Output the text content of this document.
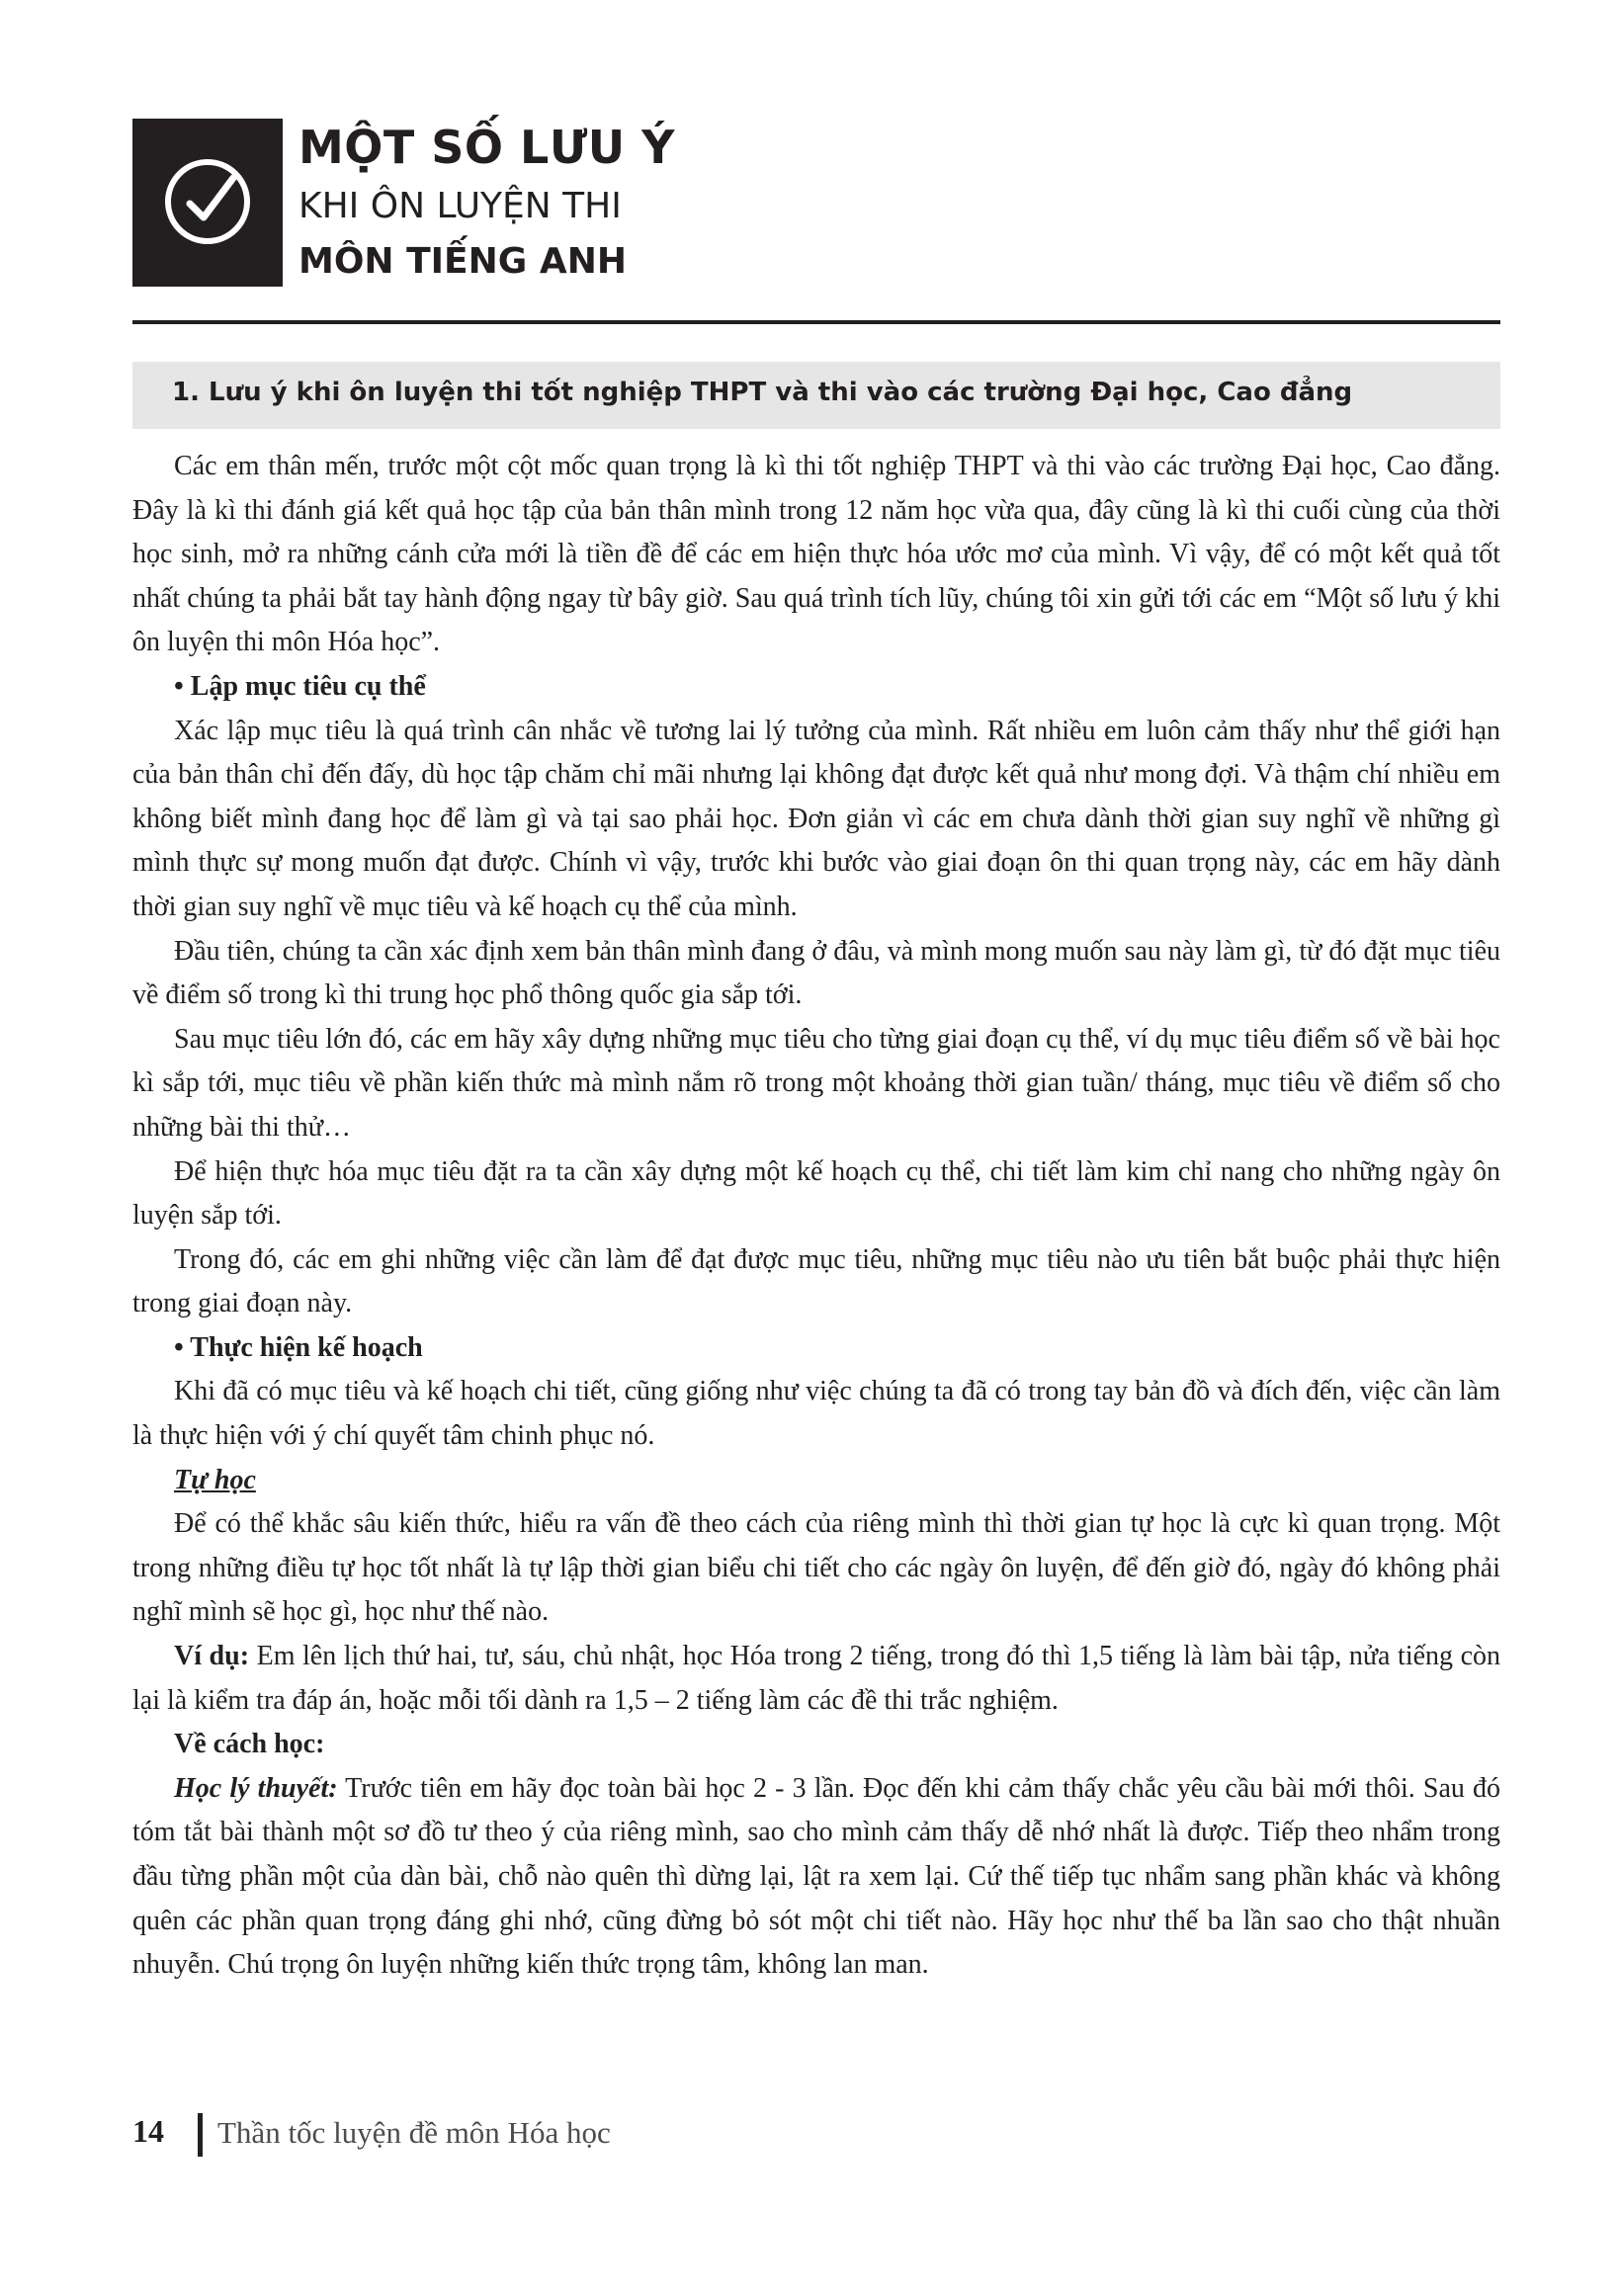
MỘT SỐ LƯU Ý
KHI ÔN LUYỆN THI
MÔN TIẾNG ANH
1. Lưu ý khi ôn luyện thi tốt nghiệp THPT và thi vào các trường Đại học, Cao đẳng

Các em thân mến, trước một cột mốc quan trọng là kì thi tốt nghiệp THPT và thi vào các trường Đại học, Cao đẳng. Đây là kì thi đánh giá kết quả học tập của bản thân mình trong 12 năm học vừa qua, đây cũng là kì thi cuối cùng của thời học sinh, mở ra những cánh cửa mới là tiền đề để các em hiện thực hóa ước mơ của mình. Vì vậy, để có một kết quả tốt nhất chúng ta phải bắt tay hành động ngay từ bây giờ. Sau quá trình tích lũy, chúng tôi xin gửi tới các em “Một số lưu ý khi ôn luyện thi môn Hóa học”.

• Lập mục tiêu cụ thể

Xác lập mục tiêu là quá trình cân nhắc về tương lai lý tưởng của mình. Rất nhiều em luôn cảm thấy như thể giới hạn của bản thân chỉ đến đấy, dù học tập chăm chỉ mãi nhưng lại không đạt được kết quả như mong đợi. Và thậm chí nhiều em không biết mình đang học để làm gì và tại sao phải học. Đơn giản vì các em chưa dành thời gian suy nghĩ về những gì mình thực sự mong muốn đạt được. Chính vì vậy, trước khi bước vào giai đoạn ôn thi quan trọng này, các em hãy dành thời gian suy nghĩ về mục tiêu và kế hoạch cụ thể của mình.

Đầu tiên, chúng ta cần xác định xem bản thân mình đang ở đâu, và mình mong muốn sau này làm gì, từ đó đặt mục tiêu về điểm số trong kì thi trung học phổ thông quốc gia sắp tới.

Sau mục tiêu lớn đó, các em hãy xây dựng những mục tiêu cho từng giai đoạn cụ thể, ví dụ mục tiêu điểm số về bài học kì sắp tới, mục tiêu về phần kiến thức mà mình nắm rõ trong một khoảng thời gian tuần/ tháng, mục tiêu về điểm số cho những bài thi thử…

Để hiện thực hóa mục tiêu đặt ra ta cần xây dựng một kế hoạch cụ thể, chi tiết làm kim chỉ nang cho những ngày ôn luyện sắp tới.

Trong đó, các em ghi những việc cần làm để đạt được mục tiêu, những mục tiêu nào ưu tiên bắt buộc phải thực hiện trong giai đoạn này.

• Thực hiện kế hoạch

Khi đã có mục tiêu và kế hoạch chi tiết, cũng giống như việc chúng ta đã có trong tay bản đồ và đích đến, việc cần làm là thực hiện với ý chí quyết tâm chinh phục nó.

Tự học

Để có thể khắc sâu kiến thức, hiểu ra vấn đề theo cách của riêng mình thì thời gian tự học là cực kì quan trọng. Một trong những điều tự học tốt nhất là tự lập thời gian biểu chi tiết cho các ngày ôn luyện, để đến giờ đó, ngày đó không phải nghĩ mình sẽ học gì, học như thế nào.

Ví dụ: Em lên lịch thứ hai, tư, sáu, chủ nhật, học Hóa trong 2 tiếng, trong đó thì 1,5 tiếng là làm bài tập, nửa tiếng còn lại là kiểm tra đáp án, hoặc mỗi tối dành ra 1,5 – 2 tiếng làm các đề thi trắc nghiệm.

Về cách học:

Học lý thuyết: Trước tiên em hãy đọc toàn bài học 2 - 3 lần. Đọc đến khi cảm thấy chắc yêu cầu bài mới thôi. Sau đó tóm tắt bài thành một sơ đồ tư theo ý của riêng mình, sao cho mình cảm thấy dễ nhớ nhất là được. Tiếp theo nhẩm trong đầu từng phần một của dàn bài, chỗ nào quên thì dừng lại, lật ra xem lại. Cứ thế tiếp tục nhẩm sang phần khác và không quên các phần quan trọng đáng ghi nhớ, cũng đừng bỏ sót một chi tiết nào. Hãy học như thế ba lần sao cho thật nhuần nhuyễn. Chú trọng ôn luyện những kiến thức trọng tâm, không lan man.

14 Thần tốc luyện đề môn Hóa học
